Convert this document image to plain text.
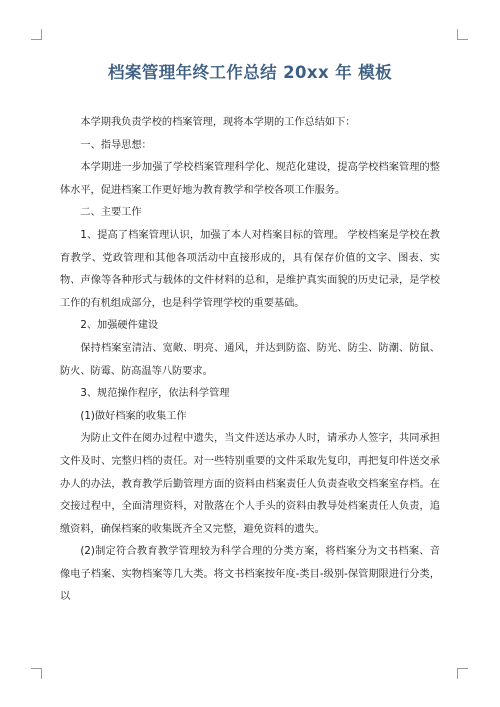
档案管理年终工作总结 20xx 年 模板

本学期我负责学校的档案管理，现将本学期的工作总结如下：

一、指导思想：

本学期进一步加强了学校档案管理科学化、规范化建设，提高学校档案管理的整体水平，促进档案工作更好地为教育教学和学校各项工作服务。

二、主要工作

1、提高了档案管理认识，加强了本人对档案目标的管理。 学校档案是学校在教育教学、党政管理和其他各项活动中直接形成的，具有保存价值的文字、图表、实物、声像等各种形式与载体的文件材料的总和，是维护真实面貌的历史记录，是学校工作的有机组成部分，也是科学管理学校的重要基础。

2、加强硬件建设

保持档案室清洁、宽敞、明亮、通风，并达到防盗、防光、防尘、防潮、防鼠、防火、防霉、防高温等八防要求。

3、规范操作程序，依法科学管理

(1)做好档案的收集工作

为防止文件在阅办过程中遗失，当文件送达承办人时，请承办人签字，共同承担文件及时、完整归档的责任。对一些特别重要的文件采取先复印，再把复印件送交承办人的办法，教育教学后勤管理方面的资料由档案责任人负责查收交档案室存档。在交接过程中，全面清理资料，对散落在个人手头的资料由教导处档案责任人负责，追缴资料，确保档案的收集既齐全又完整，避免资料的遗失。

(2)制定符合教育教学管理较为科学合理的分类方案，将档案分为文书档案、音像电子档案、实物档案等几大类。将文书档案按年度-类目-级别-保管期限进行分类，以
